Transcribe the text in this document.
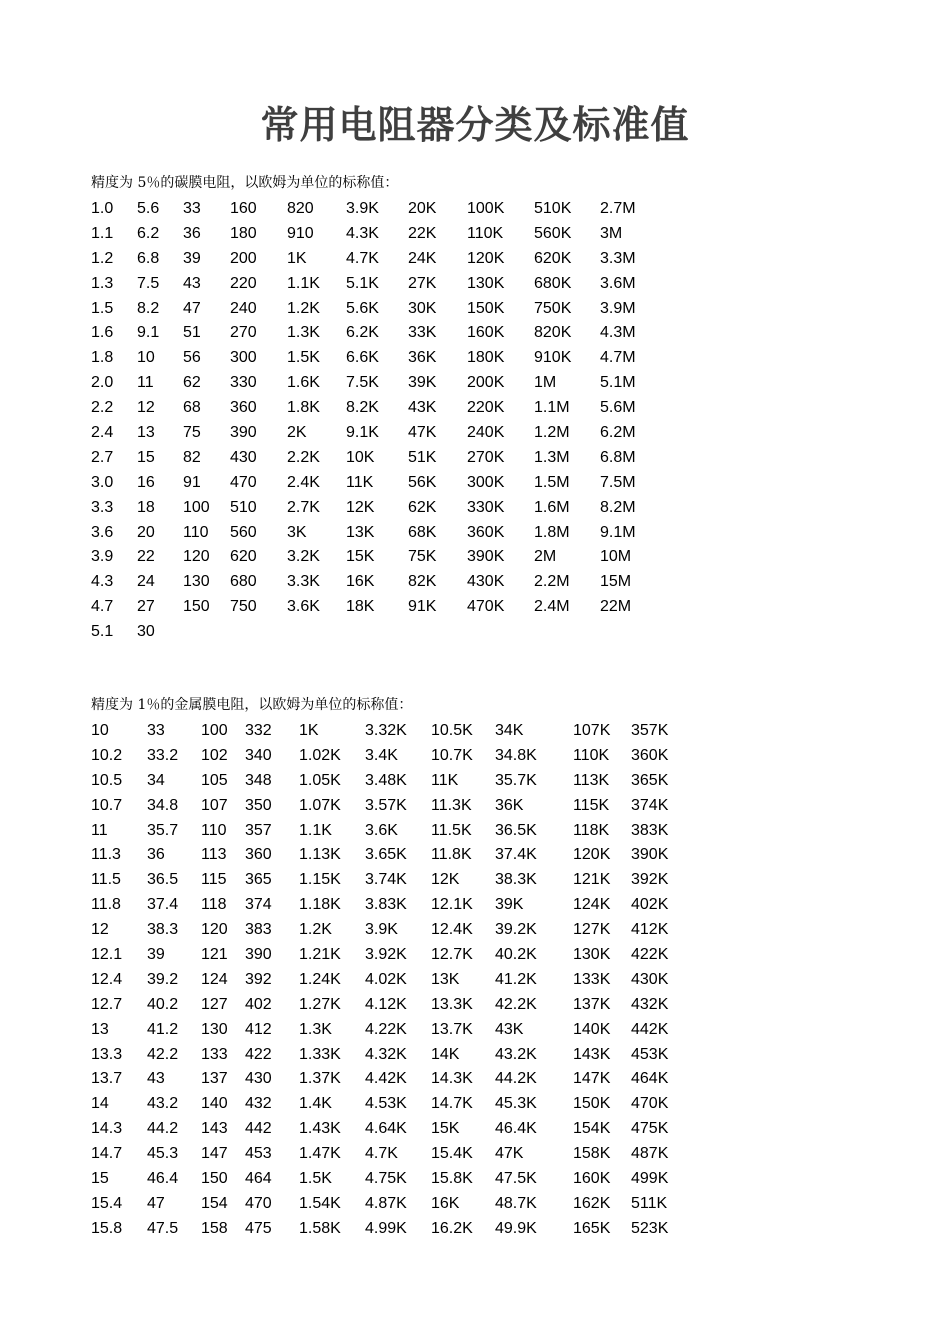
常用电阻器分类及标准值
精度为 5％的碳膜电阻，以欧姆为单位的标称值：
1.0 5.6 33 160 820 3.9K 20K 100K 510K 2.7M
1.1 6.2 36 180 910 4.3K 22K 110K 560K 3M
1.2 6.8 39 200 1K 4.7K 24K 120K 620K 3.3M
1.3 7.5 43 220 1.1K 5.1K 27K 130K 680K 3.6M
1.5 8.2 47 240 1.2K 5.6K 30K 150K 750K 3.9M
1.6 9.1 51 270 1.3K 6.2K 33K 160K 820K 4.3M
1.8 10 56 300 1.5K 6.6K 36K 180K 910K 4.7M
2.0 11 62 330 1.6K 7.5K 39K 200K 1M	5.1M
2.2 12 68 360 1.8K 8.2K 43K 220K 1.1M 5.6M
2.4 13 75 390 2K 9.1K 47K 240K 1.2M 6.2M
2.7 15 82 430 2.2K 10K 51K 270K 1.3M 6.8M
3.0 16 91 470 2.4K 11K 56K 300K 1.5M 7.5M
3.3 18 100 510 2.7K 12K 62K 330K 1.6M 8.2M
3.6 20 110 560 3K 13K 68K 360K 1.8M 9.1M
3.9 22 120 620 3.2K 15K 75K 390K 2M	10M
4.3 24 130 680 3.3K 16K 82K 430K 2.2M 15M
4.7 27 150 750 3.6K 18K 91K 470K 2.4M 22M
5.1 30
精度为 1％的金属膜电阻，以欧姆为单位的标称值：
10 33 100 332 1K	3.32K 10.5K 34K	107K 357K
10.2 33.2 102 340 1.02K 3.4K 10.7K 34.8K 110K 360K
10.5 34 105 348 1.05K 3.48K 11K 35.7K 113K 365K
10.7 34.8 107 350 1.07K 3.57K 11.3K 36K	115K 374K
11 35.7 110 357 1.1K 3.6K 11.5K 36.5K 118K 383K
11.3 36 113 360 1.13K 3.65K 11.8K 37.4K 120K 390K
11.5 36.5 115 365 1.15K 3.74K 12K 38.3K 121K 392K
11.8 37.4 118 374 1.18K 3.83K 12.1K 39K	124K 402K
12 38.3 120 383 1.2K 3.9K 12.4K 39.2K 127K 412K
12.1 39 121 390 1.21K 3.92K 12.7K 40.2K 130K 422K
12.4 39.2 124 392 1.24K 4.02K 13K 41.2K 133K 430K
12.7 40.2 127 402 1.27K 4.12K 13.3K 42.2K 137K 432K
13 41.2 130 412 1.3K 4.22K 13.7K 43K	140K 442K
13.3 42.2 133 422 1.33K 4.32K 14K 43.2K 143K 453K
13.7 43 137 430 1.37K 4.42K 14.3K 44.2K 147K 464K
14 43.2 140 432 1.4K 4.53K 14.7K 45.3K 150K 470K
14.3 44.2 143 442 1.43K 4.64K 15K 46.4K 154K 475K
14.7 45.3 147 453 1.47K 4.7K 15.4K 47K	158K 487K
15 46.4 150 464 1.5K 4.75K 15.8K 47.5K 160K 499K
15.4 47 154 470 1.54K 4.87K 16K 48.7K 162K 511K
15.8 47.5 158 475 1.58K 4.99K 16.2K 49.9K 165K 523K
